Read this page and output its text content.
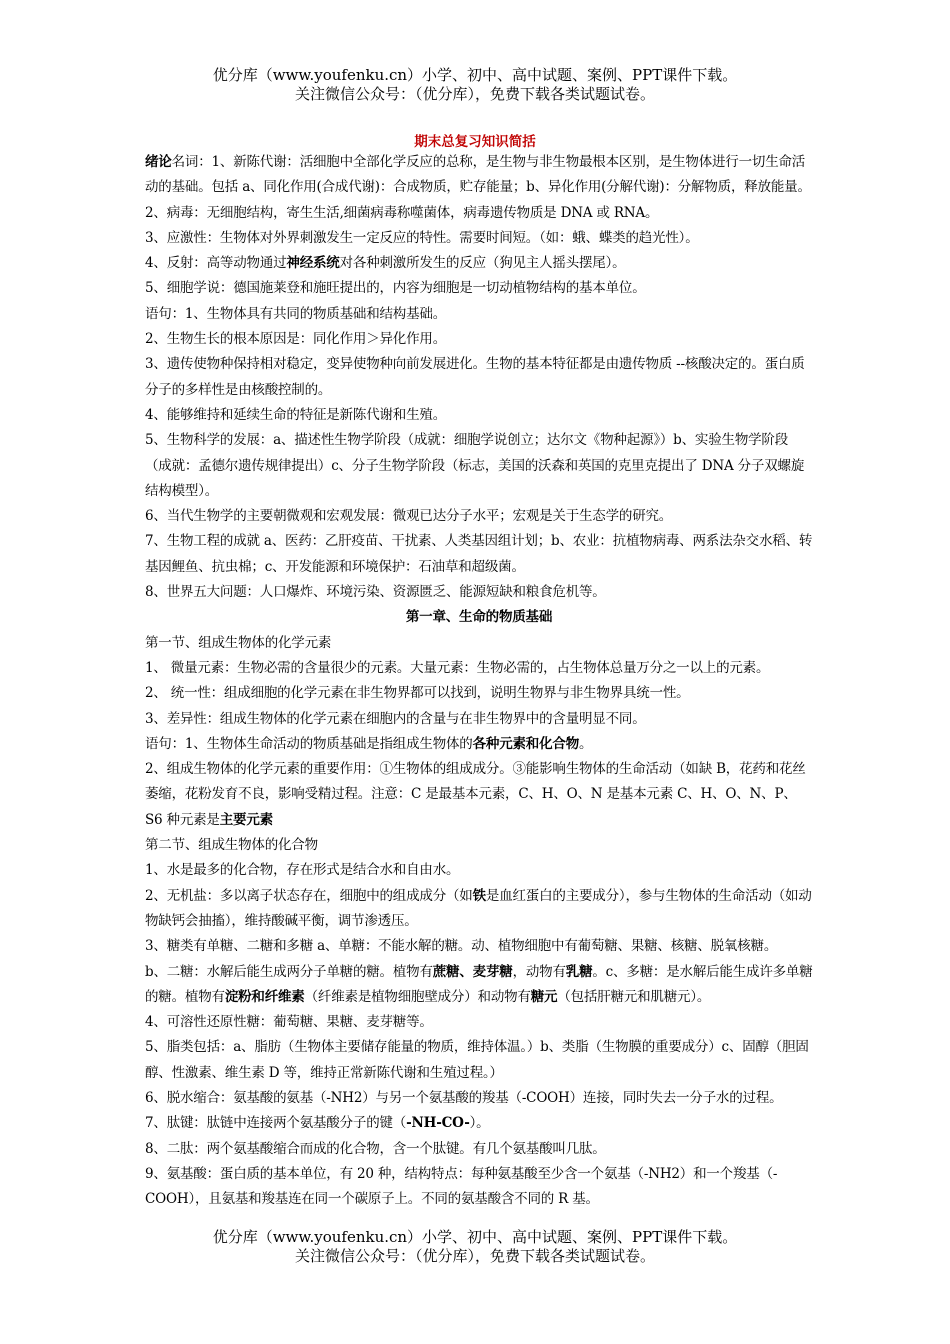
优分库（www.youfenku.cn）小学、初中、高中试题、案例、PPT课件下载。
关注微信公众号：（优分库），免费下载各类试题试卷。
期末总复习知识简括

绪论名词：1、新陈代谢：活细胞中全部化学反应的总称，是生物与非生物最根本区别，是生物体进行一切生命活动的基础。包括 a、同化作用(合成代谢)：合成物质，贮存能量；b、异化作用(分解代谢)：分解物质，释放能量。

2、病毒：无细胞结构，寄生生活,细菌病毒称噬菌体，病毒遗传物质是 DNA 或 RNA。

3、应激性：生物体对外界刺激发生一定反应的特性。需要时间短。（如：蛾、蝶类的趋光性）。

4、反射：高等动物通过神经系统对各种刺激所发生的反应（狗见主人摇头摆尾）。

5、细胞学说：德国施莱登和施旺提出的，内容为细胞是一切动植物结构的基本单位。

语句：1、生物体具有共同的物质基础和结构基础。

2、生物生长的根本原因是：同化作用＞异化作用。

3、遗传使物种保持相对稳定，变异使物种向前发展进化。生物的基本特征都是由遗传物质 --核酸决定的。蛋白质分子的多样性是由核酸控制的。

4、能够维持和延续生命的特征是新陈代谢和生殖。

5、生物科学的发展：a、描述性生物学阶段（成就：细胞学说创立；达尔文《物种起源》）b、实验生物学阶段（成就：孟德尔遗传规律提出）c、分子生物学阶段（标志，美国的沃森和英国的克里克提出了 DNA 分子双螺旋结构模型）。

6、当代生物学的主要朝微观和宏观发展：微观已达分子水平；宏观是关于生态学的研究。

7、生物工程的成就 a、医药：乙肝疫苗、干扰素、人类基因组计划；b、农业：抗植物病毒、两系法杂交水稻、转基因鲤鱼、抗虫棉；c、开发能源和环境保护：石油草和超级菌。

8、世界五大问题：人口爆炸、环境污染、资源匮乏、能源短缺和粮食危机等。

第一章、生命的物质基础

第一节、组成生物体的化学元素

1、 微量元素：生物必需的含量很少的元素。大量元素：生物必需的，占生物体总量万分之一以上的元素。

2、 统一性：组成细胞的化学元素在非生物界都可以找到，说明生物界与非生物界具统一性。

3、差异性：组成生物体的化学元素在细胞内的含量与在非生物界中的含量明显不同。

语句：1、生物体生命活动的物质基础是指组成生物体的各种元素和化合物。

2、组成生物体的化学元素的重要作用：①生物体的组成成分。③能影响生物体的生命活动（如缺 B，花药和花丝萎缩，花粉发育不良，影响受精过程。注意：C 是最基本元素，C、H、O、N 是基本元素 C、H、O、N、P、S6 种元素是主要元素

第二节、组成生物体的化合物

1、水是最多的化合物，存在形式是结合水和自由水。

2、无机盐：多以离子状态存在，细胞中的组成成分（如铁是血红蛋白的主要成分），参与生物体的生命活动（如动物缺钙会抽搐），维持酸碱平衡，调节渗透压。

3、糖类有单糖、二糖和多糖 a、单糖：不能水解的糖。动、植物细胞中有葡萄糖、果糖、核糖、脱氧核糖。

b、二糖：水解后能生成两分子单糖的糖。植物有蔗糖、麦芽糖，动物有乳糖。c、多糖：是水解后能生成许多单糖的糖。植物有淀粉和纤维素（纤维素是植物细胞壁成分）和动物有糖元（包括肝糖元和肌糖元）。

4、可溶性还原性糖：葡萄糖、果糖、麦芽糖等。

5、脂类包括：a、脂肪（生物体主要储存能量的物质，维持体温。）b、类脂（生物膜的重要成分）c、固醇（胆固醇、性激素、维生素 D 等，维持正常新陈代谢和生殖过程。）

6、脱水缩合：氨基酸的氨基（-NH2）与另一个氨基酸的羧基（-COOH）连接，同时失去一分子水的过程。

7、肽键：肽链中连接两个氨基酸分子的键（-NH-CO-）。

8、二肽：两个氨基酸缩合而成的化合物，含一个肽键。有几个氨基酸叫几肽。

9、氨基酸：蛋白质的基本单位，有 20 种，结构特点：每种氨基酸至少含一个氨基（-NH2）和一个羧基（-COOH），且氨基和羧基连在同一个碳原子上。不同的氨基酸含不同的 R 基。

优分库（www.youfenku.cn）小学、初中、高中试题、案例、PPT课件下载。
关注微信公众号：（优分库），免费下载各类试题试卷。
